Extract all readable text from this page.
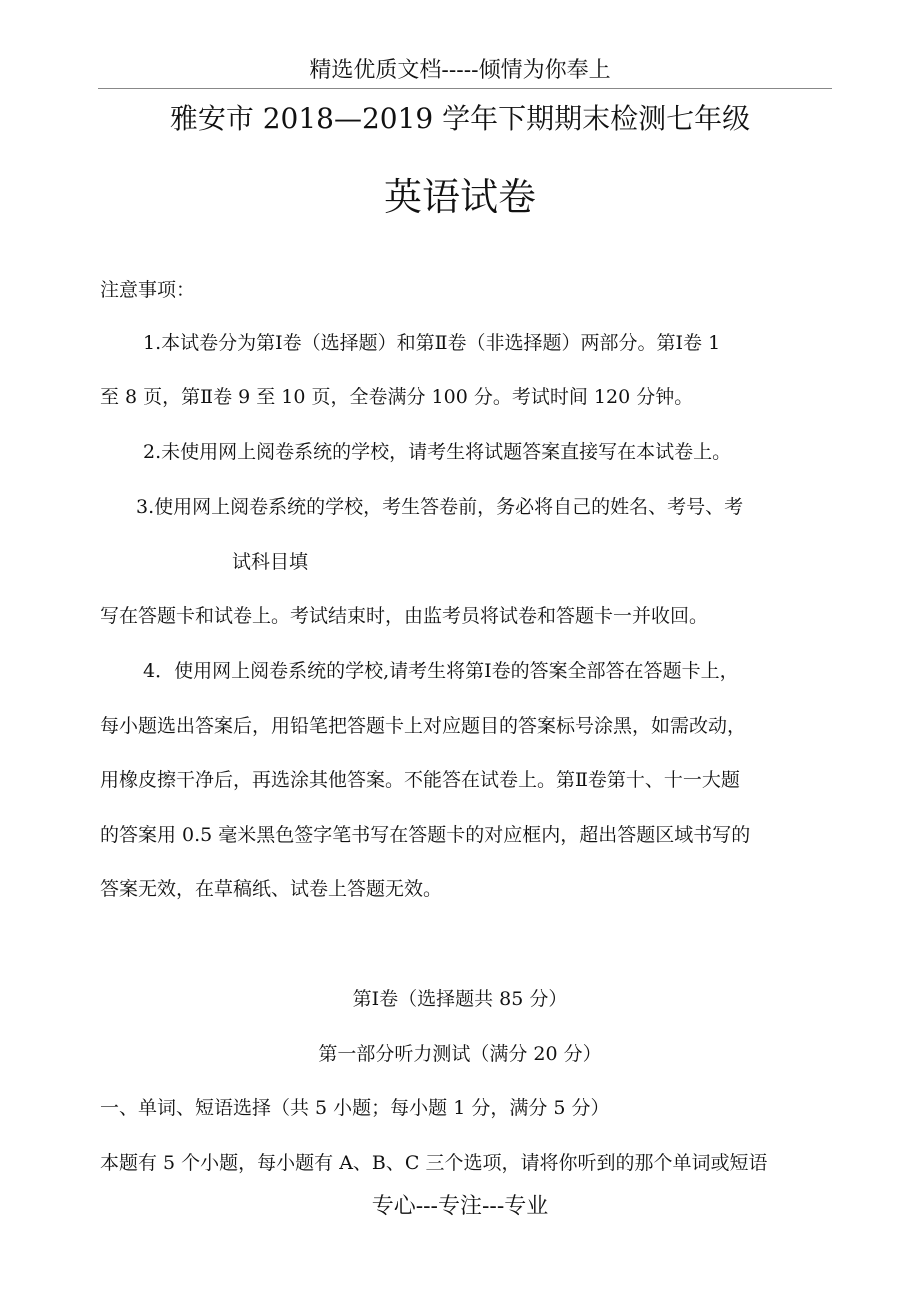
精选优质文档-----倾情为你奉上
雅安市 2018—2019 学年下期期末检测七年级
英语试卷
注意事项：
1.本试卷分为第Ⅰ卷（选择题）和第Ⅱ卷（非选择题）两部分。第Ⅰ卷 1
至 8 页，第Ⅱ卷 9 至 10 页，全卷满分 100 分。考试时间 120 分钟。
2.未使用网上阅卷系统的学校，请考生将试题答案直接写在本试卷上。
3.使用网上阅卷系统的学校，考生答卷前，务必将自己的姓名、考号、考
试科目填
写在答题卡和试卷上。考试结束时，由监考员将试卷和答题卡一并收回。
4．使用网上阅卷系统的学校,请考生将第Ⅰ卷的答案全部答在答题卡上，
每小题选出答案后，用铅笔把答题卡上对应题目的答案标号涂黑，如需改动，
用橡皮擦干净后，再选涂其他答案。不能答在试卷上。第Ⅱ卷第十、十一大题
的答案用 0.5 毫米黑色签字笔书写在答题卡的对应框内，超出答题区域书写的
答案无效，在草稿纸、试卷上答题无效。
第Ⅰ卷（选择题共 85 分）
第一部分听力测试（满分 20 分）
一、单词、短语选择（共 5 小题；每小题 1 分，满分 5 分）
本题有 5 个小题，每小题有 A、B、C 三个选项，请将你听到的那个单词或短语
专心---专注---专业
